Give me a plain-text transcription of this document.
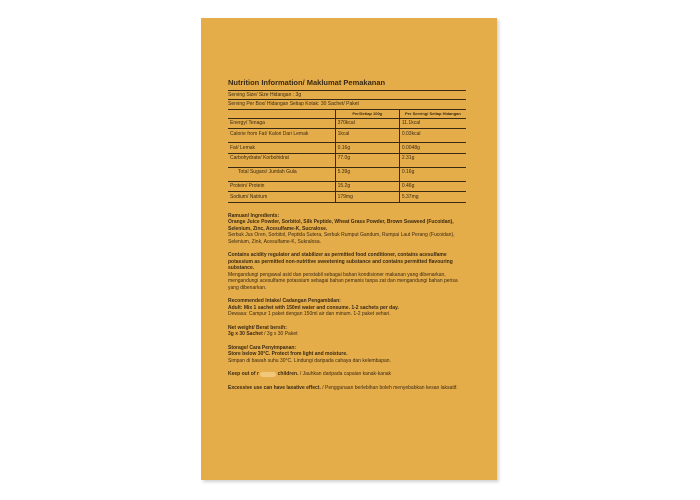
Nutrition Information/ Maklumat Pemakanan
Serving Size/ Size Hidangan : 3g
Serving Per Box/ Hidangan Setiap Kotak: 30 Sachet/ Paket
	Per/Setiap 100g	Per Serving/ Setiap Hidangan
Energy/ Tenaga	370kcal	11.1kcal
Calorie from Fat/ Kalori Dari Lemak	1kcal	0.03kcal
Fat/ Lemak	0.16g	0.0048g
Carbohydrate/ Korbohidrat	77.0g	2.31g
Total Sugars/ Jumlah Gula	5.39g	0.16g
Protein/ Protein	15.2g	0.46g
Sodium/ Natrium	179mg	5.37mg
Ramuan/ Ingredients:
Orange Juice Powder, Sorbitol, Silk Peptide, Wheat Grass Powder, Brown Seaweed (Fucoidan), Selenium, Zinc, Acesulfame-K, Sucralose.
Serbuk Jus Oren, Sorbitol, Peptida Sutera, Serbuk Rumput Gandum, Rumpai Laut Perang (Fucoidan), Selenium, Zink, Acesulfame-K, Sukralosa.
Contains acidity regulator and stabilizer as permitted food conditioner, contains acesulfame potassium as permitted non-nutritive sweetening substance and contains permitted flavouring substance.
Mengandungi pengawal asid dan penstabil sebagai bahan kondisioner makanan yang dibenarkan, mengandungi acesulfame potassium sebagai bahan pemanis tanpa zat dan mengandungi bahan perisa yang dibenarkan.
Recommended Intake/ Cadangan Pengambilan:
Adult: Mix 1 sachet with 150ml water and consume. 1-2 sachets per day.
Dewasa: Campur 1 paket dengan 150ml air dan minum. 1-2 paket sehari.
Net weight/ Berat bersih:
3g x 30 Sachet / 3g x 30 Paket
Storage/ Cara Penyimpanan:
Store below 30°C. Protect from light and moisture.
Simpan di bawah suhu 30°C. Lindungi daripada cahaya dan kelembapan.
Keep out of r	children. / Jauhkan daripada capaian kanak-kanak
Excessive use can have laxative effect. / Penggunaan berlebihan boleh menyebabkan kesan laksatif.
